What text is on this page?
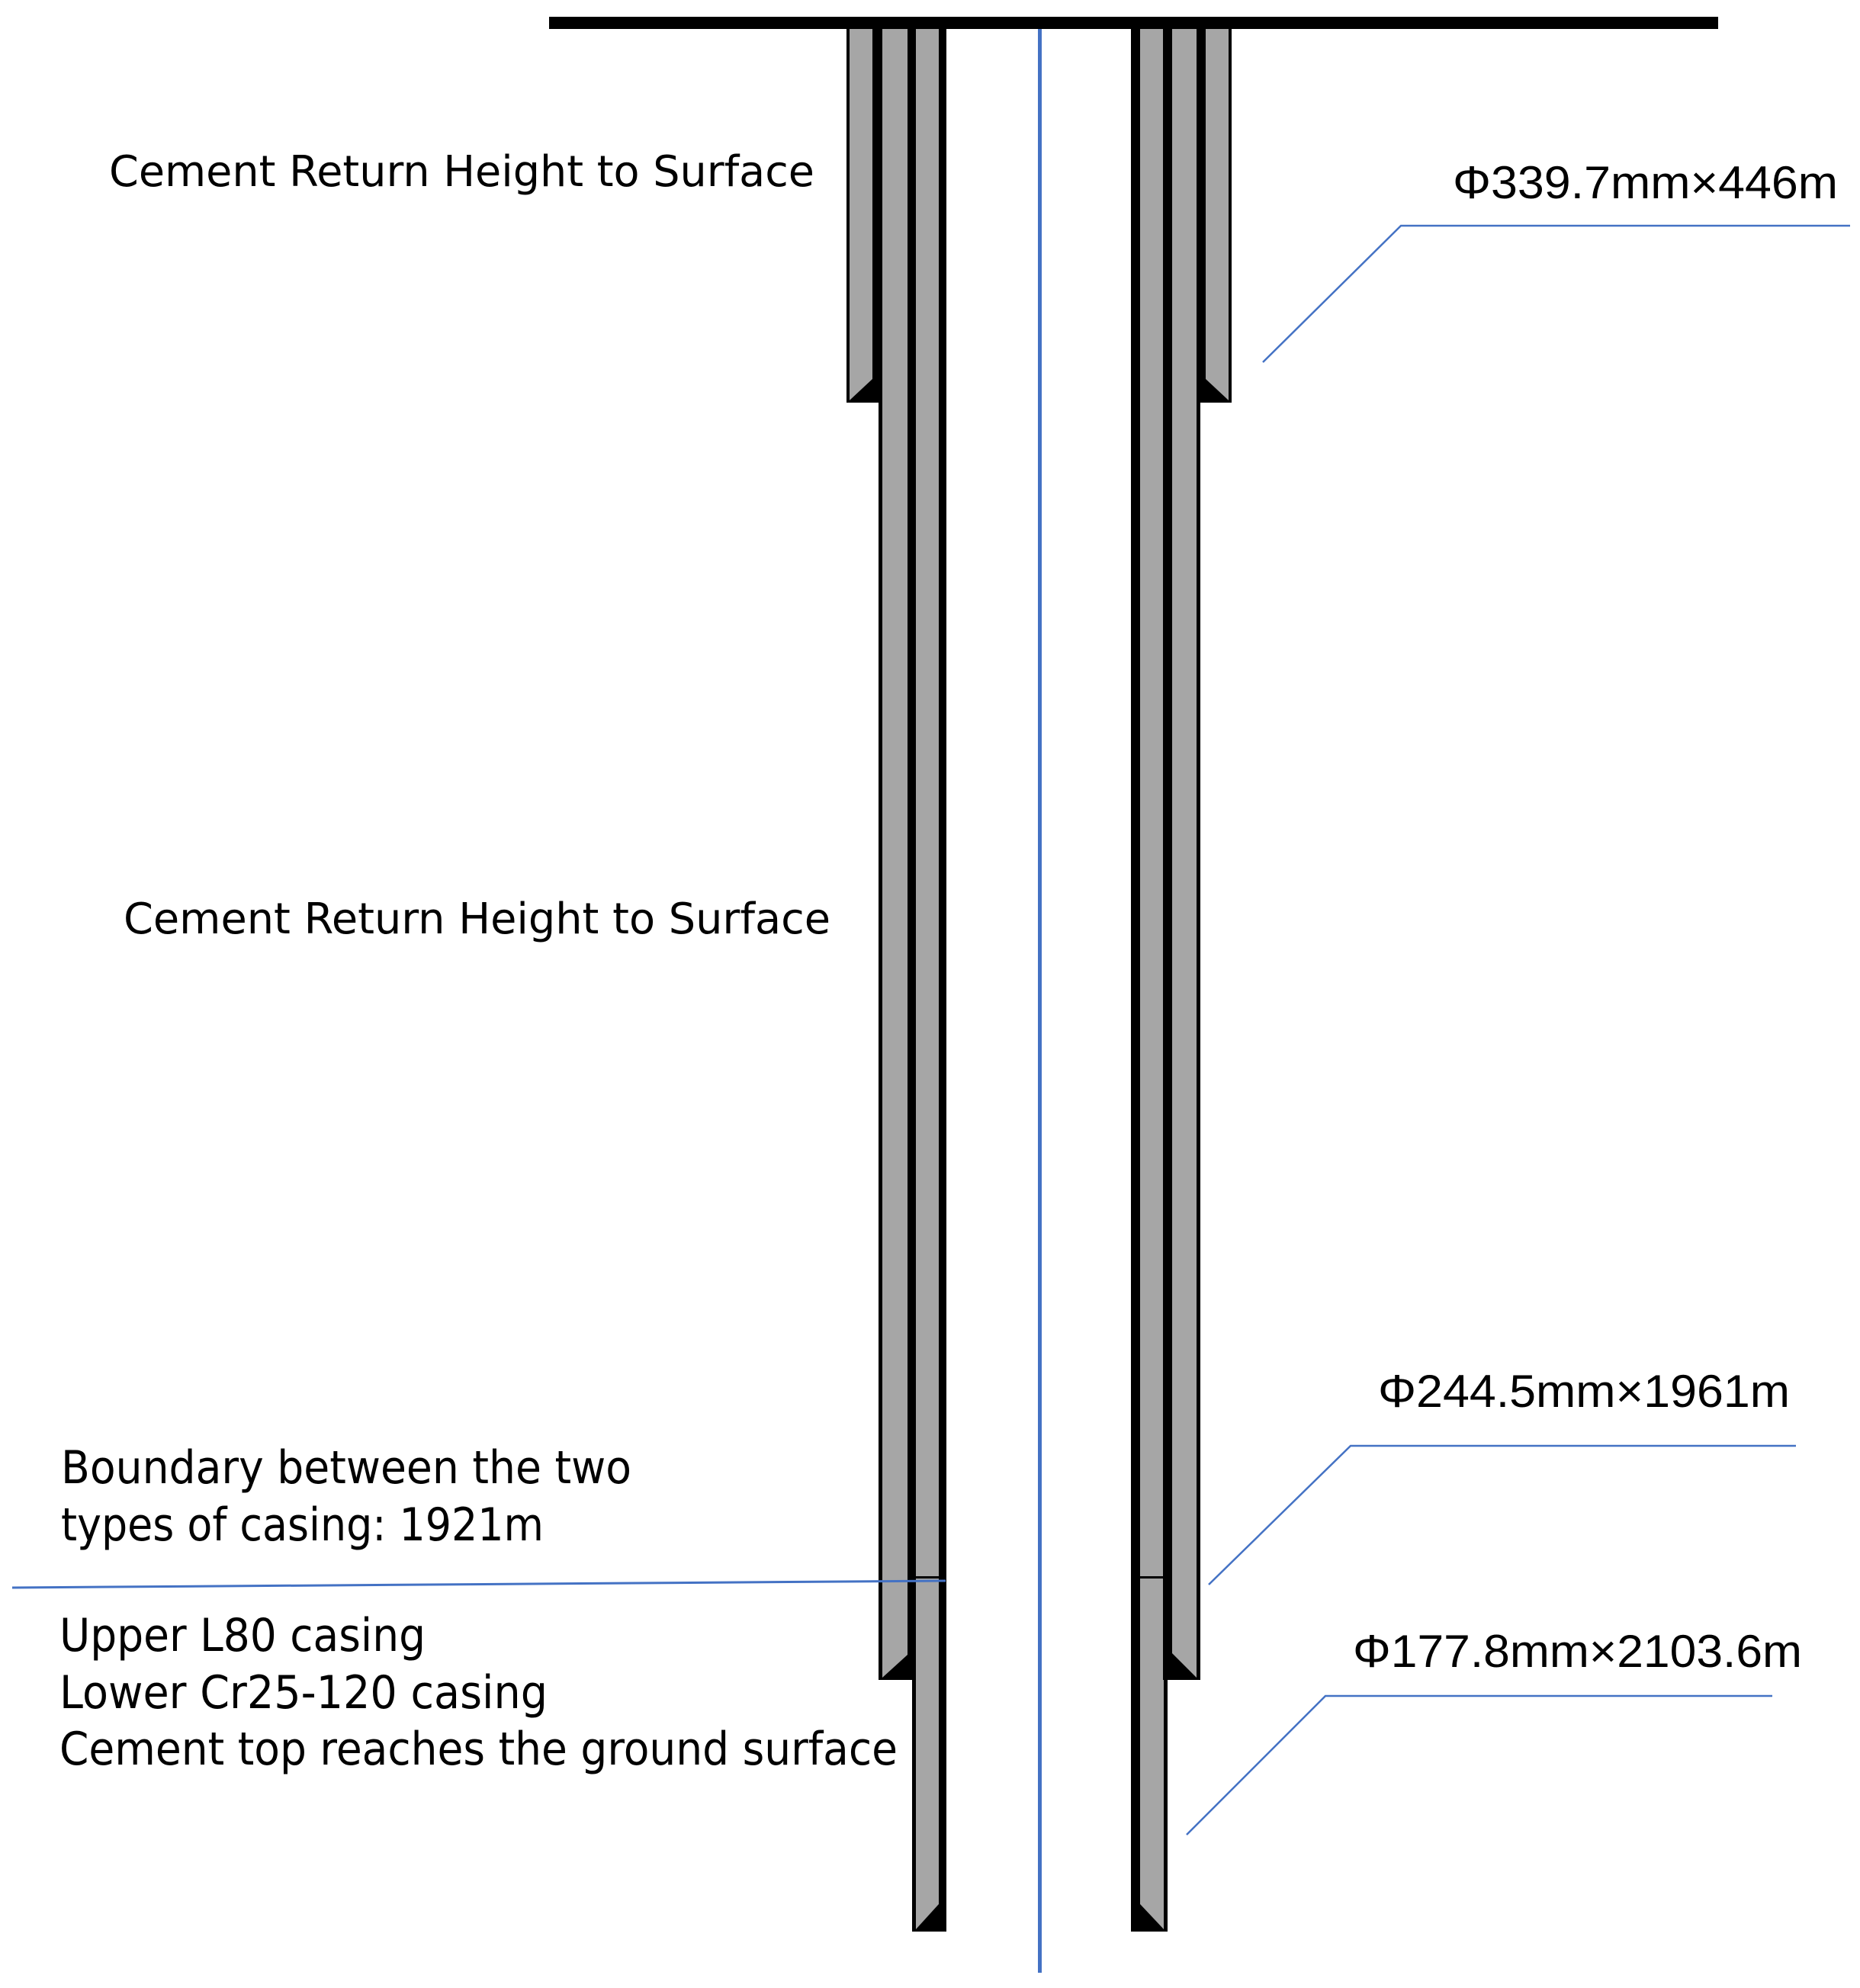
Cement Return Height to Surface
Cement Return Height to Surface
Boundary between the two
types of casing: 1921m
Upper L80 casing
Lower Cr25-120 casing
Cement top reaches the ground surface
Φ339.7mm×446m
Φ244.5mm×1961m
Φ177.8mm×2103.6m
